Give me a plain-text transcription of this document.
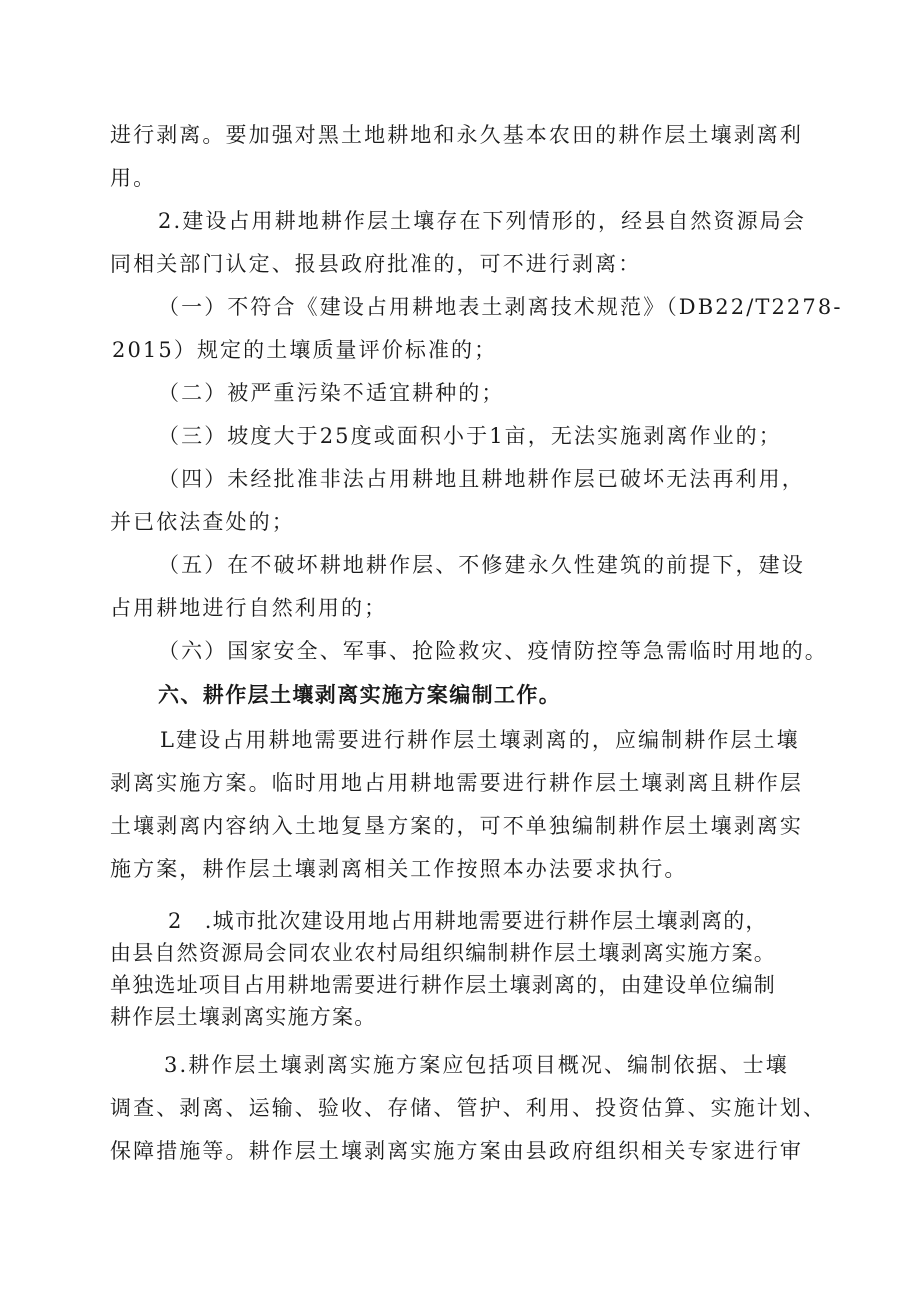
进行剥离。要加强对黑土地耕地和永久基本农田的耕作层土壤剥离利
用。
2.建设占用耕地耕作层土壤存在下列情形的，经县自然资源局会
同相关部门认定、报县政府批准的，可不进行剥离：
（一）不符合《建设占用耕地表土剥离技术规范》（DB22/T2278-
2015）规定的土壤质量评价标准的；
（二）被严重污染不适宜耕种的；
（三）坡度大于25度或面积小于1亩，无法实施剥离作业的；
（四）未经批准非法占用耕地且耕地耕作层已破坏无法再利用，
并已依法查处的；
（五）在不破坏耕地耕作层、不修建永久性建筑的前提下，建设
占用耕地进行自然利用的；
（六）国家安全、军事、抢险救灾、疫情防控等急需临时用地的。
六、耕作层土壤剥离实施方案编制工作。
L建设占用耕地需要进行耕作层土壤剥离的，应编制耕作层土壤
剥离实施方案。临时用地占用耕地需要进行耕作层土壤剥离且耕作层
土壤剥离内容纳入土地复垦方案的，可不单独编制耕作层土壤剥离实
施方案，耕作层土壤剥离相关工作按照本办法要求执行。
2　.城市批次建设用地占用耕地需要进行耕作层土壤剥离的，
由县自然资源局会同农业农村局组织编制耕作层土壤剥离实施方案。
单独选址项目占用耕地需要进行耕作层土壤剥离的，由建设单位编制
耕作层土壤剥离实施方案。
3.耕作层土壤剥离实施方案应包括项目概况、编制依据、士壤
调查、剥离、运输、验收、存储、管护、利用、投资估算、实施计划、
保障措施等。耕作层土壤剥离实施方案由县政府组织相关专家进行审
